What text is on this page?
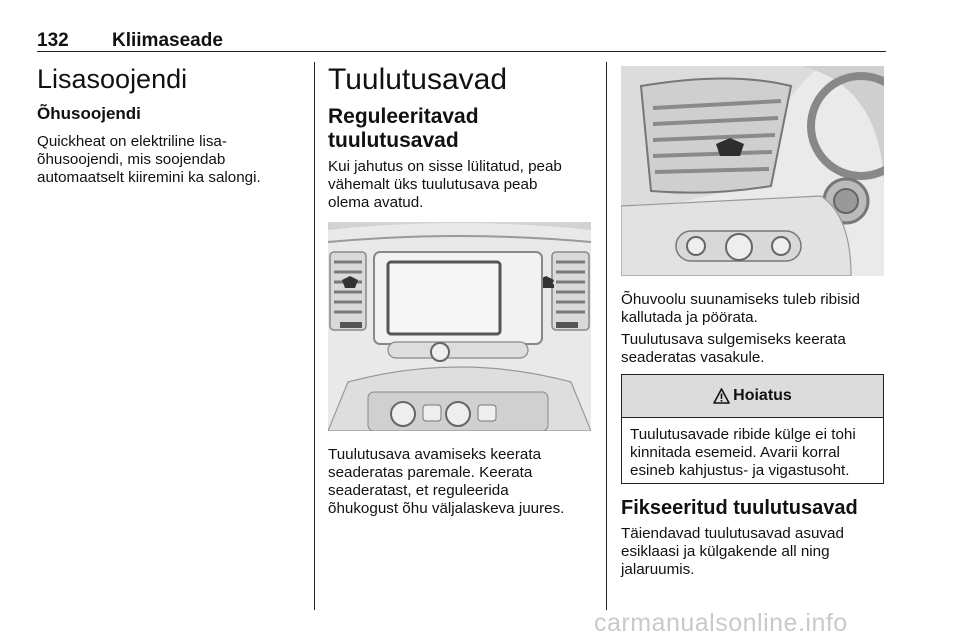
132 Kliimaseade
Lisasoojendi
Õhusoojendi
Quickheat on elektriline lisa-
õhusoojendi, mis soojendab
automaatselt kiiremini ka salongi.
Tuulutusavad
Reguleeritavad
tuulutusavad
Kui jahutus on sisse lülitatud, peab
vähemalt üks tuulutusava peab
olema avatud.
Tuulutusava avamiseks keerata
seaderatas paremale. Keerata
seaderatast, et reguleerida
õhukogust õhu väljalaskeva juures.
Õhuvoolu suunamiseks tuleb ribisid
kallutada ja pöörata.
Tuulutusava sulgemiseks keerata
seaderatas vasakule.
Hoiatus
Tuulutusavade ribide külge ei tohi
kinnitada esemeid. Avarii korral
esineb kahjustus- ja vigastusoht.
Fikseeritud tuulutusavad
Täiendavad tuulutusavad asuvad
esiklaasi ja külgakende all ning
jalaruumis.
carmanualsonline.info
